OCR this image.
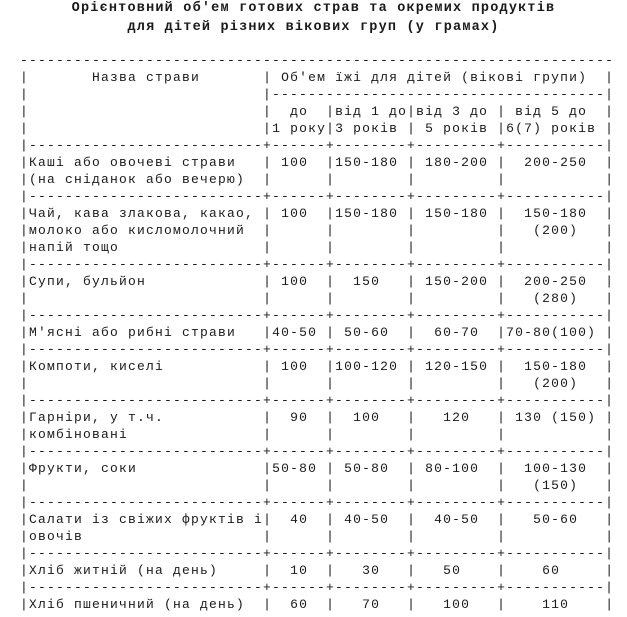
Орієнтовний об'ем готових страв та окремих продуктів
для дітей різних вікових груп (у грамах)
------------------------------------------------------------------
|       Назва страви       | Об'ем їжі для дітей (вікові групи)  |
|                          |-------------------------------------|
|                          |  до  |від 1 до|від 3 до | від 5 до  |
|                          |1 року|3 років | 5 років |6(7) років |
|--------------------------+------+--------+---------+-----------|
|Каші або овочеві страви   | 100  |150-180 | 180-200 |  200-250  |
|(на сніданок або вечерю)  |	|	|	|	|
|--------------------------+------+--------+---------+-----------|
|Чай, кава злакова, какао, | 100  |150-180 | 150-180 |  150-180  |
|молоко або кисломолочний  |	|	|	|   (200)   |
|напій тощо                |	|	|	|	|
|--------------------------+------+--------+---------+-----------|
|Супи, бульйон             | 100  |  150   | 150-200 |  200-250  |
|	|	|	|	|   (280)   |
|--------------------------+------+--------+---------+-----------|
|М'ясні або рибні страви   |40-50 | 50-60  |  60-70  |70-80(100) |
|--------------------------+------+--------+---------+-----------|
|Компоти, киселі           | 100  |100-120 | 120-150 |  150-180  |
|	|	|	|	|   (200)   |
|--------------------------+------+--------+---------+-----------|
|Гарніри, у т.ч.           |  90  |  100   |   120   | 130 (150) |
|комбіновані               |	|	|	|	|
|--------------------------+------+--------+---------+-----------|
|Фрукти, соки              |50-80 | 50-80  | 80-100  |  100-130  |
|	|	|	|	|   (150)   |
|--------------------------+------+--------+---------+-----------|
|Салати із свіжих фруктів і|  40  | 40-50  |  40-50  |   50-60   |
|овочів                    |	|	|	|	|
|--------------------------+------+--------+---------+-----------|
|Хліб житній (на день)     |  10  |   30   |   50    |    60     |
|--------------------------+------+--------+---------+-----------|
|Хліб пшеничний (на день)  |  60  |   70   |   100   |    110    |
